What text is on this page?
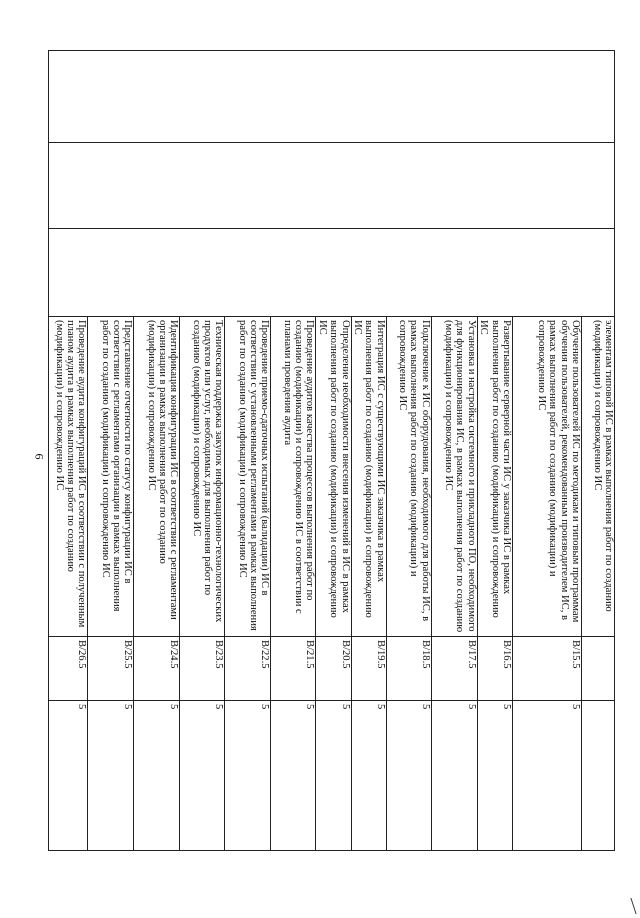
6
				элементам типовой ИС в рамках выполнения работ по созданию (модификации) и сопровождению ИС		
			Обучение пользователей ИС по методикам и типовым программам обучения пользователей, рекомендованным производителем ИС, в рамках выполнения работ по созданию (модификации) и сопровождению ИС	B/15.5	5
			Развертывание серверной части ИС у заказчика ИС в рамках выполнения работ по созданию (модификации) и сопровождению ИС	B/16.5	5
			Установка и настройка системного и прикладного ПО, необходимого для функционирования ИС, в рамках выполнения работ по созданию (модификации) и сопровождению ИС	B/17.5	5
			Подключение к ИС оборудования, необходимого для работы ИС, в рамках выполнения работ по созданию (модификации) и сопровождению ИС	B/18.5	5
			Интеграция ИС с существующими ИС заказчика в рамках выполнения работ по созданию (модификации) и сопровождению ИС	B/19.5	5
			Определение необходимости внесения изменений в ИС в рамках выполнения работ по созданию (модификации) и сопровождению ИС	B/20.5	5
			Проведение аудитов качества процессов выполнения работ по созданию (модификации) и сопровождению ИС в соответствии с планами проведения аудита	B/21.5	5
			Проведение приемо-сдаточных испытаний (валидации) ИС в соответствии с установленными регламентами в рамках выполнения работ по созданию (модификации) и сопровождению ИС	B/22.5	5
			Техническая поддержка закупок информационно-технологических продуктов или услуг, необходимых для выполнения работ по созданию (модификации) и сопровождению ИС	B/23.5	5
			Идентификация конфигурации ИС в соответствии с регламентами организации в рамках выполнения работ по созданию (модификации) и сопровождению ИС	B/24.5	5
			Представление отчетности по статусу конфигурации ИС в соответствии с регламентами организации в рамках выполнения работ по созданию (модификации) и сопровождению ИС	B/25.5	5
			Проведение аудита конфигураций ИС в соответствии с полученным планом аудита в рамках выполнения работ по созданию (модификации) и сопровождению ИС	B/26.5	5
